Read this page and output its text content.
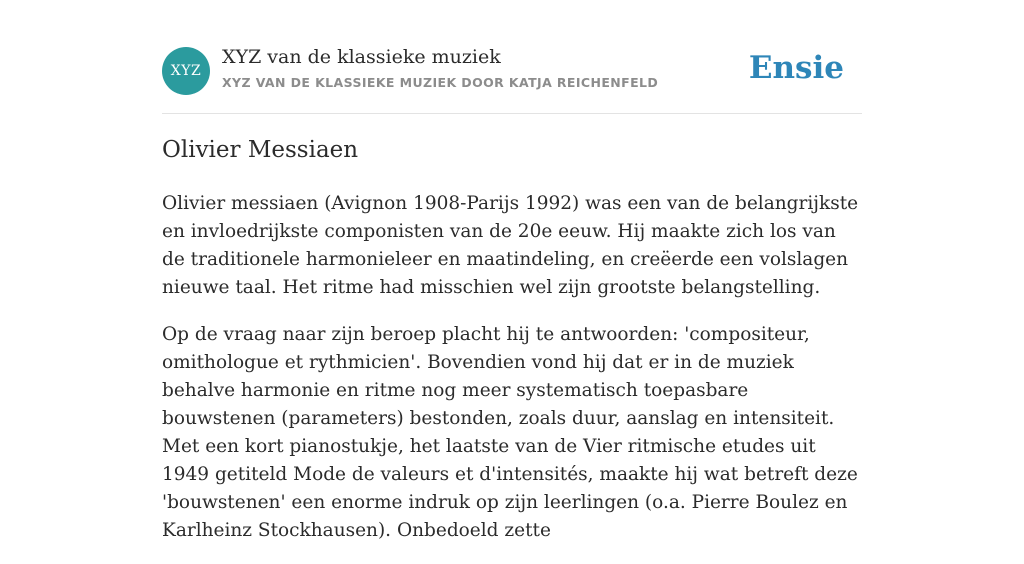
XYZ
XYZ van de klassieke muziek
XYZ VAN DE KLASSIEKE MUZIEK DOOR KATJA REICHENFELD	Ensie
Olivier Messiaen

Olivier messiaen (Avignon 1908-Parijs 1992) was een van de belangrijkste en invloedrijkste componisten van de 20e eeuw. Hij maakte zich los van de traditionele harmonieleer en maatindeling, en creëerde een volslagen nieuwe taal. Het ritme had misschien wel zijn grootste belangstelling.

Op de vraag naar zijn beroep placht hij te antwoorden: 'compositeur, omithologue et rythmicien'. Bovendien vond hij dat er in de muziek behalve harmonie en ritme nog meer systematisch toepasbare bouwstenen (parameters) bestonden, zoals duur, aanslag en intensiteit. Met een kort pianostukje, het laatste van de Vier ritmische etudes uit 1949 getiteld Mode de valeurs et d'intensités, maakte hij wat betreft deze 'bouwstenen' een enorme indruk op zijn leerlingen (o.a. Pierre Boulez en Karlheinz Stockhausen). Onbedoeld zette
